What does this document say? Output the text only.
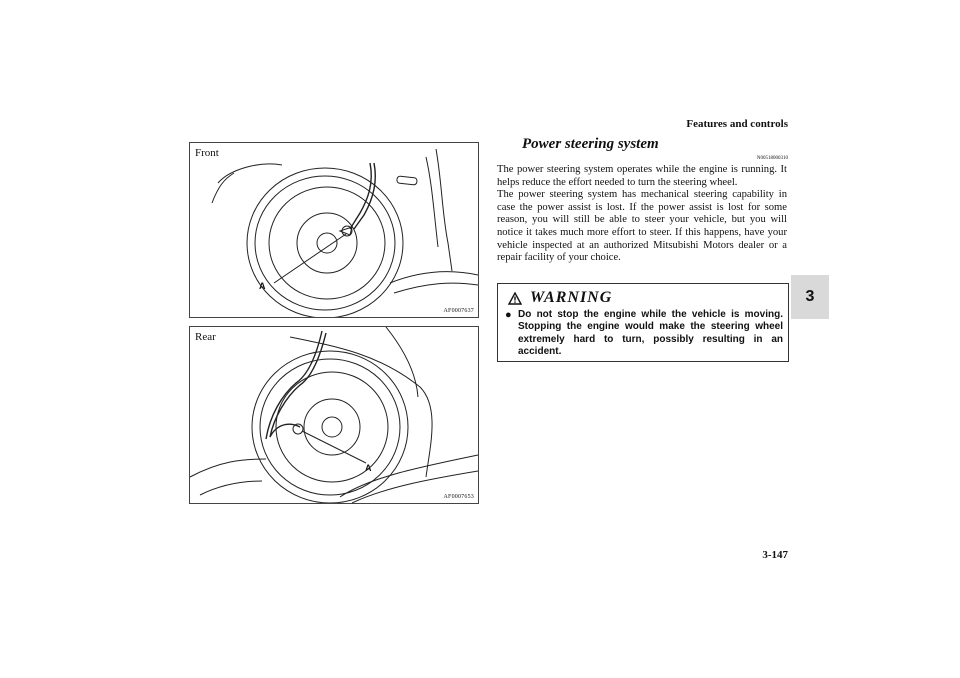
Features and controls
3
Front
A
AF0007637
Rear
A
AF0007653
Power steering system
N00518000310

The power steering system operates while the engine is running. It helps reduce the effort needed to turn the steering wheel.

The power steering system has mechanical steering capability in case the power assist is lost. If the power assist is lost for some reason, you will still be able to steer your vehicle, but you will notice it takes much more effort to steer. If this happens, have your vehicle inspected at an authorized Mitsubishi Motors dealer or a repair facility of your choice.

WARNING
● Do not stop the engine while the vehicle is moving. Stopping the engine would make the steering wheel extremely hard to turn, possibly resulting in an accident.
3-147
